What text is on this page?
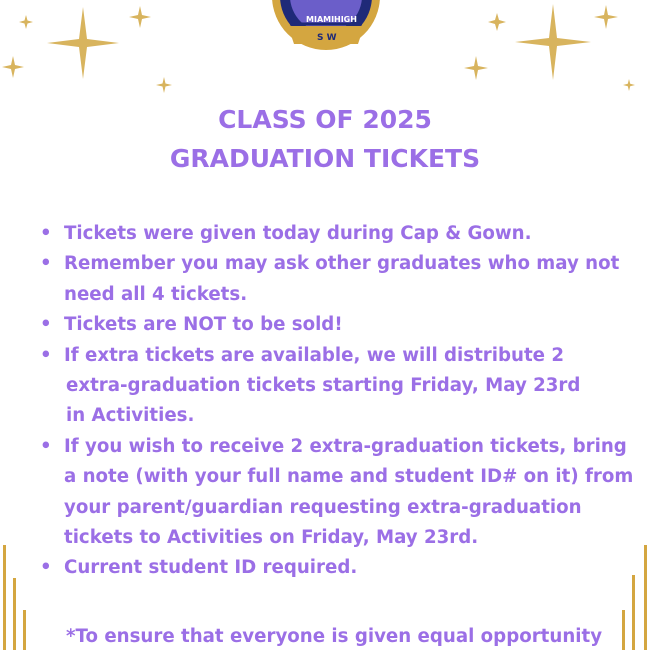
MIAMI HIGH
S W
CLASS OF 2025
GRADUATION TICKETS
• Tickets were given today during Cap & Gown.
• Remember you may ask other graduates who may not
need all 4 tickets.
• Tickets are NOT to be sold!
• If extra tickets are available, we will distribute 2
extra-graduation tickets starting Friday, May 23rd
in Activities.
• If you wish to receive 2 extra-graduation tickets, bring
a note (with your full name and student ID# on it) from
your parent/guardian requesting extra-graduation
tickets to Activities on Friday, May 23rd.
• Current student ID required.
*To ensure that everyone is given equal opportunity
